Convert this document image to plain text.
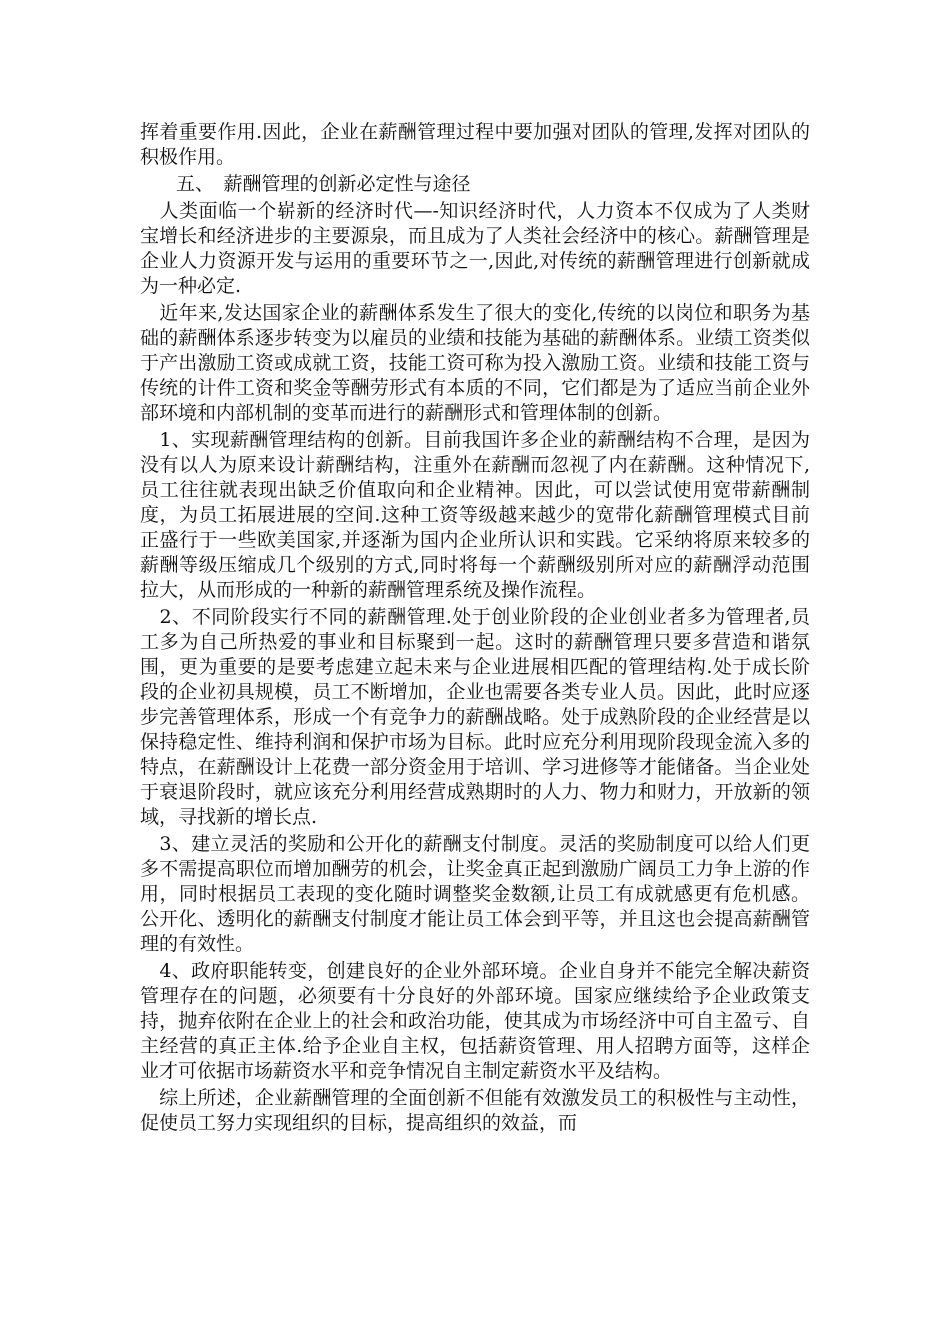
挥着重要作用.因此，企业在薪酬管理过程中要加强对团队的管理,发挥对团队的积极作用。

五、　薪酬管理的创新必定性与途径

　人类面临一个崭新的经济时代—-知识经济时代，人力资本不仅成为了人类财宝增长和经济进步的主要源泉，而且成为了人类社会经济中的核心。薪酬管理是企业人力资源开发与运用的重要环节之一,因此,对传统的薪酬管理进行创新就成为一种必定.

　近年来,发达国家企业的薪酬体系发生了很大的变化,传统的以岗位和职务为基础的薪酬体系逐步转变为以雇员的业绩和技能为基础的薪酬体系。业绩工资类似于产出激励工资或成就工资，技能工资可称为投入激励工资。业绩和技能工资与传统的计件工资和奖金等酬劳形式有本质的不同，它们都是为了适应当前企业外部环境和内部机制的变革而进行的薪酬形式和管理体制的创新。

　1、实现薪酬管理结构的创新。目前我国许多企业的薪酬结构不合理，是因为没有以人为原来设计薪酬结构，注重外在薪酬而忽视了内在薪酬。这种情况下,员工往往就表现出缺乏价值取向和企业精神。因此，可以尝试使用宽带薪酬制度，为员工拓展进展的空间.这种工资等级越来越少的宽带化薪酬管理模式目前正盛行于一些欧美国家,并逐渐为国内企业所认识和实践。它采纳将原来较多的薪酬等级压缩成几个级别的方式,同时将每一个薪酬级别所对应的薪酬浮动范围拉大，从而形成的一种新的薪酬管理系统及操作流程。

　2、不同阶段实行不同的薪酬管理.处于创业阶段的企业创业者多为管理者,员工多为自己所热爱的事业和目标聚到一起。这时的薪酬管理只要多营造和谐氛围，更为重要的是要考虑建立起未来与企业进展相匹配的管理结构.处于成长阶段的企业初具规模，员工不断增加，企业也需要各类专业人员。因此，此时应逐步完善管理体系，形成一个有竞争力的薪酬战略。处于成熟阶段的企业经营是以保持稳定性、维持利润和保护市场为目标。此时应充分利用现阶段现金流入多的特点，在薪酬设计上花费一部分资金用于培训、学习进修等才能储备。当企业处于衰退阶段时，就应该充分利用经营成熟期时的人力、物力和财力，开放新的领域，寻找新的增长点.

　3、建立灵活的奖励和公开化的薪酬支付制度。灵活的奖励制度可以给人们更多不需提高职位而增加酬劳的机会，让奖金真正起到激励广阔员工力争上游的作用，同时根据员工表现的变化随时调整奖金数额,让员工有成就感更有危机感。公开化、透明化的薪酬支付制度才能让员工体会到平等，并且这也会提高薪酬管理的有效性。

　4、政府职能转变，创建良好的企业外部环境。企业自身并不能完全解决薪资管理存在的问题，必须要有十分良好的外部环境。国家应继续给予企业政策支持，抛弃依附在企业上的社会和政治功能，使其成为市场经济中可自主盈亏、自主经营的真正主体.给予企业自主权，包括薪资管理、用人招聘方面等，这样企业才可依据市场薪资水平和竞争情况自主制定薪资水平及结构。

　综上所述，企业薪酬管理的全面创新不但能有效激发员工的积极性与主动性，促使员工努力实现组织的目标，提高组织的效益，而
